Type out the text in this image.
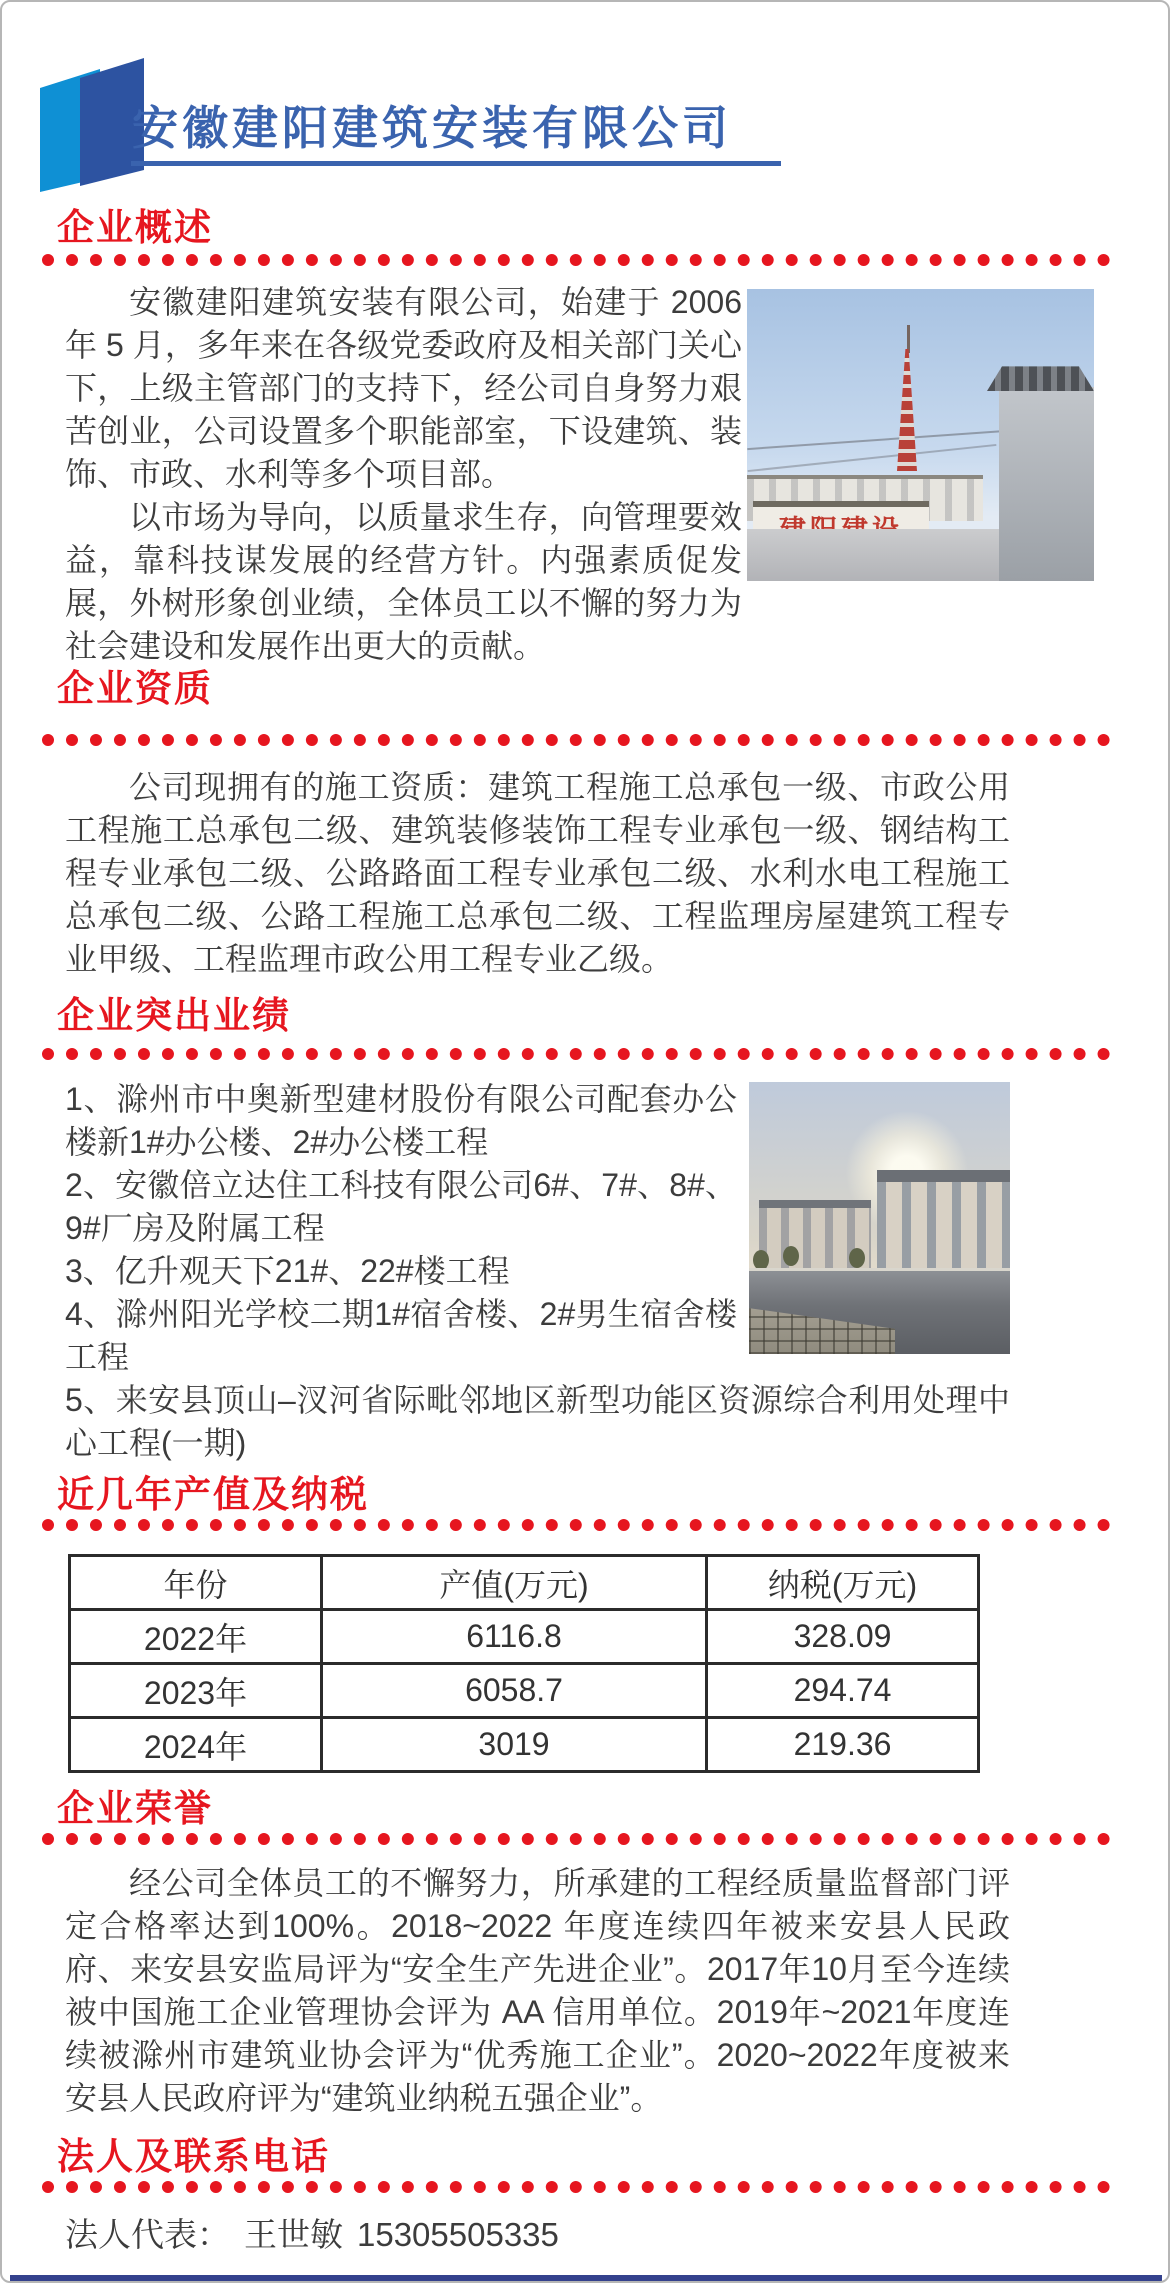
安徽建阳建筑安装有限公司
企业概述

安徽建阳建筑安装有限公司，始建于 2006 年 5 月，多年来在各级党委政府及相关部门关心下，上级主管部门的支持下，经公司自身努力艰苦创业，公司设置多个职能部室，下设建筑、装饰、市政、水利等多个项目部。

以市场为导向，以质量求生存，向管理要效益，靠科技谋发展的经营方针。内强素质促发展，外树形象创业绩，全体员工以不懈的努力为社会建设和发展作出更大的贡献。

企业资质

公司现拥有的施工资质：建筑工程施工总承包一级、市政公用工程施工总承包二级、建筑装修装饰工程专业承包一级、钢结构工程专业承包二级、公路路面工程专业承包二级、水利水电工程施工总承包二级、公路工程施工总承包二级、工程监理房屋建筑工程专业甲级、工程监理市政公用工程专业乙级。

企业突出业绩

1、滁州市中奥新型建材股份有限公司配套办公楼新1#办公楼、2#办公楼工程

2、安徽倍立达住工科技有限公司6#、7#、8#、9#厂房及附属工程

3、亿升观天下21#、22#楼工程

4、滁州阳光学校二期1#宿舍楼、2#男生宿舍楼工程

5、来安县顶山–汊河省际毗邻地区新型功能区资源综合利用处理中心工程(一期)

近几年产值及纳税
年份	产值(万元)	纳税(万元)
2022年	6116.8	328.09
2023年	6058.7	294.74
2024年	3019	219.36
企业荣誉

经公司全体员工的不懈努力，所承建的工程经质量监督部门评定合格率达到100%。2018~2022 年度连续四年被来安县人民政府、来安县安监局评为“安全生产先进企业”。2017年10月至今连续被中国施工企业管理协会评为 AA 信用单位。2019年~2021年度连续被滁州市建筑业协会评为“优秀施工企业”。2020~2022年度被来安县人民政府评为“建筑业纳税五强企业”。

法人及联系电话
法人代表： 王世敏 15305505335
